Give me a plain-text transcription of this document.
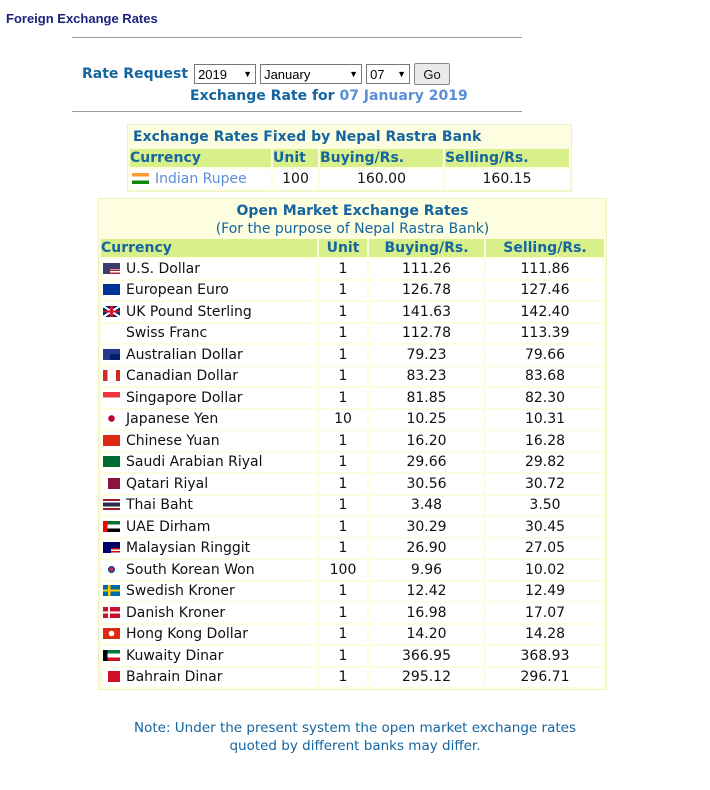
Foreign Exchange Rates
Rate Request 2019 ▼ January	▼ 07 ▼	Go
Exchange Rate for 07 January 2019
Exchange Rates Fixed by Nepal Rastra Bank			
Currency	Unit	Buying/Rs.	Selling/Rs.
Indian Rupee	100	160.00	160.15
Open Market Exchange Rates			
(For the purpose of Nepal Rastra Bank)			
Currency	Unit	Buying/Rs.	Selling/Rs.
U.S. Dollar	1	111.26	111.86
European Euro	1	126.78	127.46
UK Pound Sterling	1	141.63	142.40
Swiss Franc	1	112.78	113.39
Australian Dollar	1	79.23	79.66
Canadian Dollar	1	83.23	83.68
Singapore Dollar	1	81.85	82.30
Japanese Yen	10	10.25	10.31
Chinese Yuan	1	16.20	16.28
Saudi Arabian Riyal	1	29.66	29.82
Qatari Riyal	1	30.56	30.72
Thai Baht	1	3.48	3.50
UAE Dirham	1	30.29	30.45
Malaysian Ringgit	1	26.90	27.05
South Korean Won	100	9.96	10.02
Swedish Kroner	1	12.42	12.49
Danish Kroner	1	16.98	17.07
Hong Kong Dollar	1	14.20	14.28
Kuwaity Dinar	1	366.95	368.93
Bahrain Dinar	1	295.12	296.71
Note: Under the present system the open market exchange rates
quoted by different banks may differ.
